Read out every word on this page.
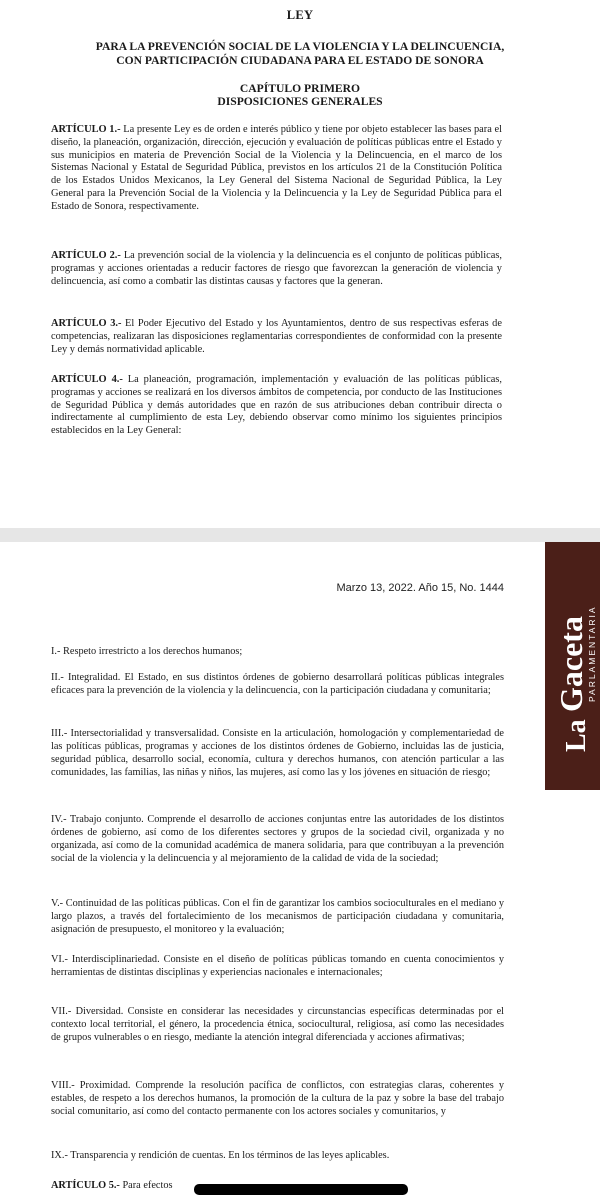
LEY
PARA LA PREVENCIÓN SOCIAL DE LA VIOLENCIA Y LA DELINCUENCIA,
CON PARTICIPACIÓN CIUDADANA PARA EL ESTADO DE SONORA
CAPÍTULO PRIMERO
DISPOSICIONES GENERALES
ARTÍCULO 1.- La presente Ley es de orden e interés público y tiene por objeto establecer las bases para el diseño, la planeación, organización, dirección, ejecución y evaluación de políticas públicas entre el Estado y sus municipios en materia de Prevención Social de la Violencia y la Delincuencia, en el marco de los Sistemas Nacional y Estatal de Seguridad Pública, previstos en los artículos 21 de la Constitución Política de los Estados Unidos Mexicanos, la Ley General del Sistema Nacional de Seguridad Pública, la Ley General para la Prevención Social de la Violencia y la Delincuencia y la Ley de Seguridad Pública para el Estado de Sonora, respectivamente.
ARTÍCULO 2.- La prevención social de la violencia y la delincuencia es el conjunto de políticas públicas, programas y acciones orientadas a reducir factores de riesgo que favorezcan la generación de violencia y delincuencia, así como a combatir las distintas causas y factores que la generan.
ARTÍCULO 3.- El Poder Ejecutivo del Estado y los Ayuntamientos, dentro de sus respectivas esferas de competencias, realizaran las disposiciones reglamentarias correspondientes de conformidad con la presente Ley y demás normatividad aplicable.
ARTÍCULO 4.- La planeación, programación, implementación y evaluación de las políticas públicas, programas y acciones se realizará en los diversos ámbitos de competencia, por conducto de las Instituciones de Seguridad Pública y demás autoridades que en razón de sus atribuciones deban contribuir directa o indirectamente al cumplimiento de esta Ley, debiendo observar como mínimo los siguientes principios establecidos en la Ley General:
Gaceta
PARLAMENTARIA
La
Marzo 13, 2022. Año 15, No. 1444
I.- Respeto irrestricto a los derechos humanos;
II.- Integralidad. El Estado, en sus distintos órdenes de gobierno desarrollará políticas públicas integrales eficaces para la prevención de la violencia y la delincuencia, con la participación ciudadana y comunitaria;
III.- Intersectorialidad y transversalidad. Consiste en la articulación, homologación y complementariedad de las políticas públicas, programas y acciones de los distintos órdenes de Gobierno, incluidas las de justicia, seguridad pública, desarrollo social, economía, cultura y derechos humanos, con atención particular a las comunidades, las familias, las niñas y niños, las mujeres, así como las y los jóvenes en situación de riesgo;
IV.- Trabajo conjunto. Comprende el desarrollo de acciones conjuntas entre las autoridades de los distintos órdenes de gobierno, así como de los diferentes sectores y grupos de la sociedad civil, organizada y no organizada, así como de la comunidad académica de manera solidaria, para que contribuyan a la prevención social de la violencia y la delincuencia y al mejoramiento de la calidad de vida de la sociedad;
V.- Continuidad de las políticas públicas. Con el fin de garantizar los cambios socioculturales en el mediano y largo plazos, a través del fortalecimiento de los mecanismos de participación ciudadana y comunitaria, asignación de presupuesto, el monitoreo y la evaluación;
VI.- Interdisciplinariedad. Consiste en el diseño de políticas públicas tomando en cuenta conocimientos y herramientas de distintas disciplinas y experiencias nacionales e internacionales;
VII.- Diversidad. Consiste en considerar las necesidades y circunstancias específicas determinadas por el contexto local territorial, el género, la procedencia étnica, sociocultural, religiosa, así como las necesidades de grupos vulnerables o en riesgo, mediante la atención integral diferenciada y acciones afirmativas;
VIII.- Proximidad. Comprende la resolución pacífica de conflictos, con estrategias claras, coherentes y estables, de respeto a los derechos humanos, la promoción de la cultura de la paz y sobre la base del trabajo social comunitario, así como del contacto permanente con los actores sociales y comunitarios, y
IX.- Transparencia y rendición de cuentas. En los términos de las leyes aplicables.
ARTÍCULO 5.- Para efectos
